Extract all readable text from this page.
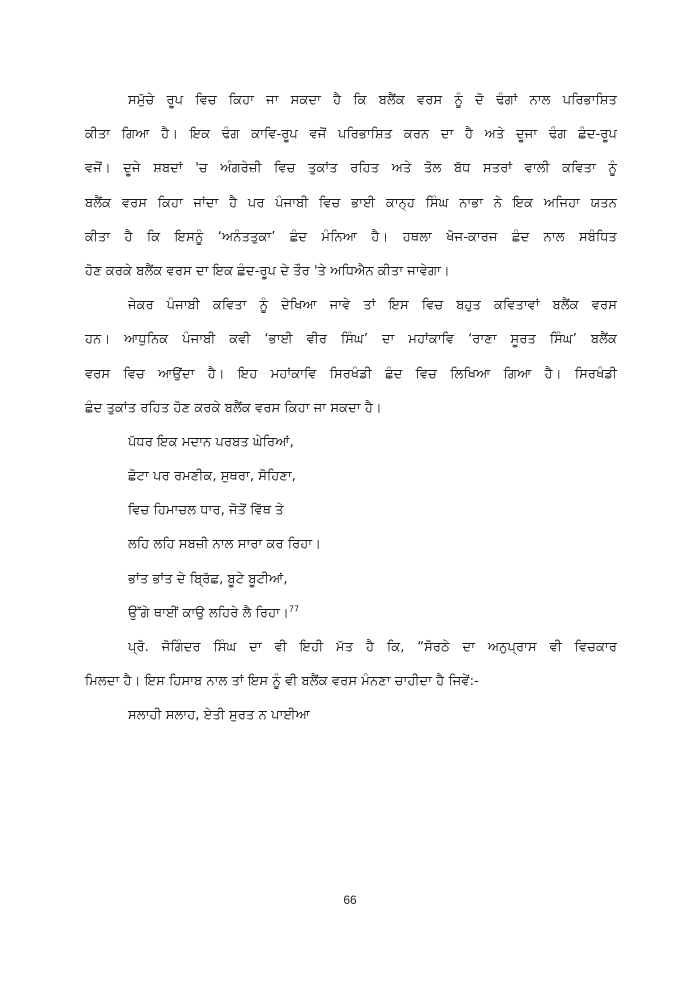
ਸਮੁੱਚੇ ਰੂਪ ਵਿਚ ਕਿਹਾ ਜਾ ਸਕਦਾ ਹੈ ਕਿ ਬਲੈਂਕ ਵਰਸ ਨੂੰ ਦੋ ਢੰਗਾਂ ਨਾਲ ਪਰਿਭਾਸ਼ਿਤ
ਕੀਤਾ ਗਿਆ ਹੈ। ਇਕ ਢੰਗ ਕਾਵਿ-ਰੂਪ ਵਜੋਂ ਪਰਿਭਾਸ਼ਿਤ ਕਰਨ ਦਾ ਹੈ ਅਤੇ ਦੂਜਾ ਢੰਗ ਛੰਦ-ਰੂਪ
ਵਜੋਂ। ਦੂਜੇ ਸ਼ਬਦਾਂ 'ਚ ਅੰਗਰੇਜ਼ੀ ਵਿਚ ਤੁਕਾਂਤ ਰਹਿਤ ਅਤੇ ਤੋਲ ਬੱਧ ਸਤਰਾਂ ਵਾਲੀ ਕਵਿਤਾ ਨੂੰ
ਬਲੈਂਕ ਵਰਸ ਕਿਹਾ ਜਾਂਦਾ ਹੈ ਪਰ ਪੰਜਾਬੀ ਵਿਚ ਭਾਈ ਕਾਨ੍ਹ ਸਿੰਘ ਨਾਭਾ ਨੇ ਇਕ ਅਜਿਹਾ ਯਤਨ
ਕੀਤਾ ਹੈ ਕਿ ਇਸਨੂੰ ‘ਅਨੰਤਤੁਕਾ’ ਛੰਦ ਮੰਨਿਆ ਹੈ। ਹਥਲਾ ਖੋਜ-ਕਾਰਜ ਛੰਦ ਨਾਲ ਸਬੰਧਿਤ
ਹੋਣ ਕਰਕੇ ਬਲੈਂਕ ਵਰਸ ਦਾ ਇਕ ਛੰਦ-ਰੂਪ ਦੇ ਤੌਰ 'ਤੇ ਅਧਿਐਨ ਕੀਤਾ ਜਾਵੇਗਾ।
ਜੇਕਰ ਪੰਜਾਬੀ ਕਵਿਤਾ ਨੂੰ ਦੇਖਿਆ ਜਾਵੇ ਤਾਂ ਇਸ ਵਿਚ ਬਹੁਤ ਕਵਿਤਾਵਾਂ ਬਲੈਂਕ ਵਰਸ
ਹਨ। ਆਧੁਨਿਕ ਪੰਜਾਬੀ ਕਵੀ ‘ਭਾਈ ਵੀਰ ਸਿੰਘ’ ਦਾ ਮਹਾਂਕਾਵਿ ‘ਰਾਣਾ ਸੂਰਤ ਸਿੰਘ’ ਬਲੈਂਕ
ਵਰਸ ਵਿਚ ਆਉਂਦਾ ਹੈ। ਇਹ ਮਹਾਂਕਾਵਿ ਸਿਰਖੰਡੀ ਛੰਦ ਵਿਚ ਲਿਖਿਆ ਗਿਆ ਹੈ। ਸਿਰਖੰਡੀ
ਛੰਦ ਤੁਕਾਂਤ ਰਹਿਤ ਹੋਣ ਕਰਕੇ ਬਲੈਂਕ ਵਰਸ ਕਿਹਾ ਜਾ ਸਕਦਾ ਹੈ।
ਪੱਧਰ ਇਕ ਮਦਾਨ ਪਰਬਤ ਘੇਰਿਆਂ,
ਛੋਟਾ ਪਰ ਰਮਣੀਕ, ਸੁਥਰਾ, ਸੋਹਿਣਾ,
ਵਿਚ ਹਿਮਾਚਲ ਧਾਰ, ਜੋਤੋਂ ਵਿੱਥ ਤੇ
ਲਹਿ ਲਹਿ ਸਬਜ਼ੀ ਨਾਲ ਸਾਰਾ ਕਰ ਰਿਹਾ।
ਭਾਂਤ ਭਾਂਤ ਦੇ ਬ੍ਰਿੱਛ, ਬੂਟੇ ਬੂਟੀਆਂ,
ਉੱਗੇ ਥਾਈਂ ਕਾਉ ਲਹਿਰੇ ਲੈ ਰਿਹਾ।$^{77}$
ਪ੍ਰੋ. ਜੋਗਿੰਦਰ ਸਿੰਘ ਦਾ ਵੀ ਇਹੀ ਮੱਤ ਹੈ ਕਿ, “ਸੋਰਠੇ ਦਾ ਅਨੁਪ੍ਰਾਸ ਵੀ ਵਿਚਕਾਰ
ਮਿਲਦਾ ਹੈ। ਇਸ ਹਿਸਾਬ ਨਾਲ ਤਾਂ ਇਸ ਨੂੰ ਵੀ ਬਲੈਂਕ ਵਰਸ ਮੰਨਣਾ ਚਾਹੀਦਾ ਹੈ ਜਿਵੇਂ:-
ਸਲਾਹੀ ਸਲਾਹ, ਏਤੀ ਸੁਰਤ ਨ ਪਾਈਆ
66
